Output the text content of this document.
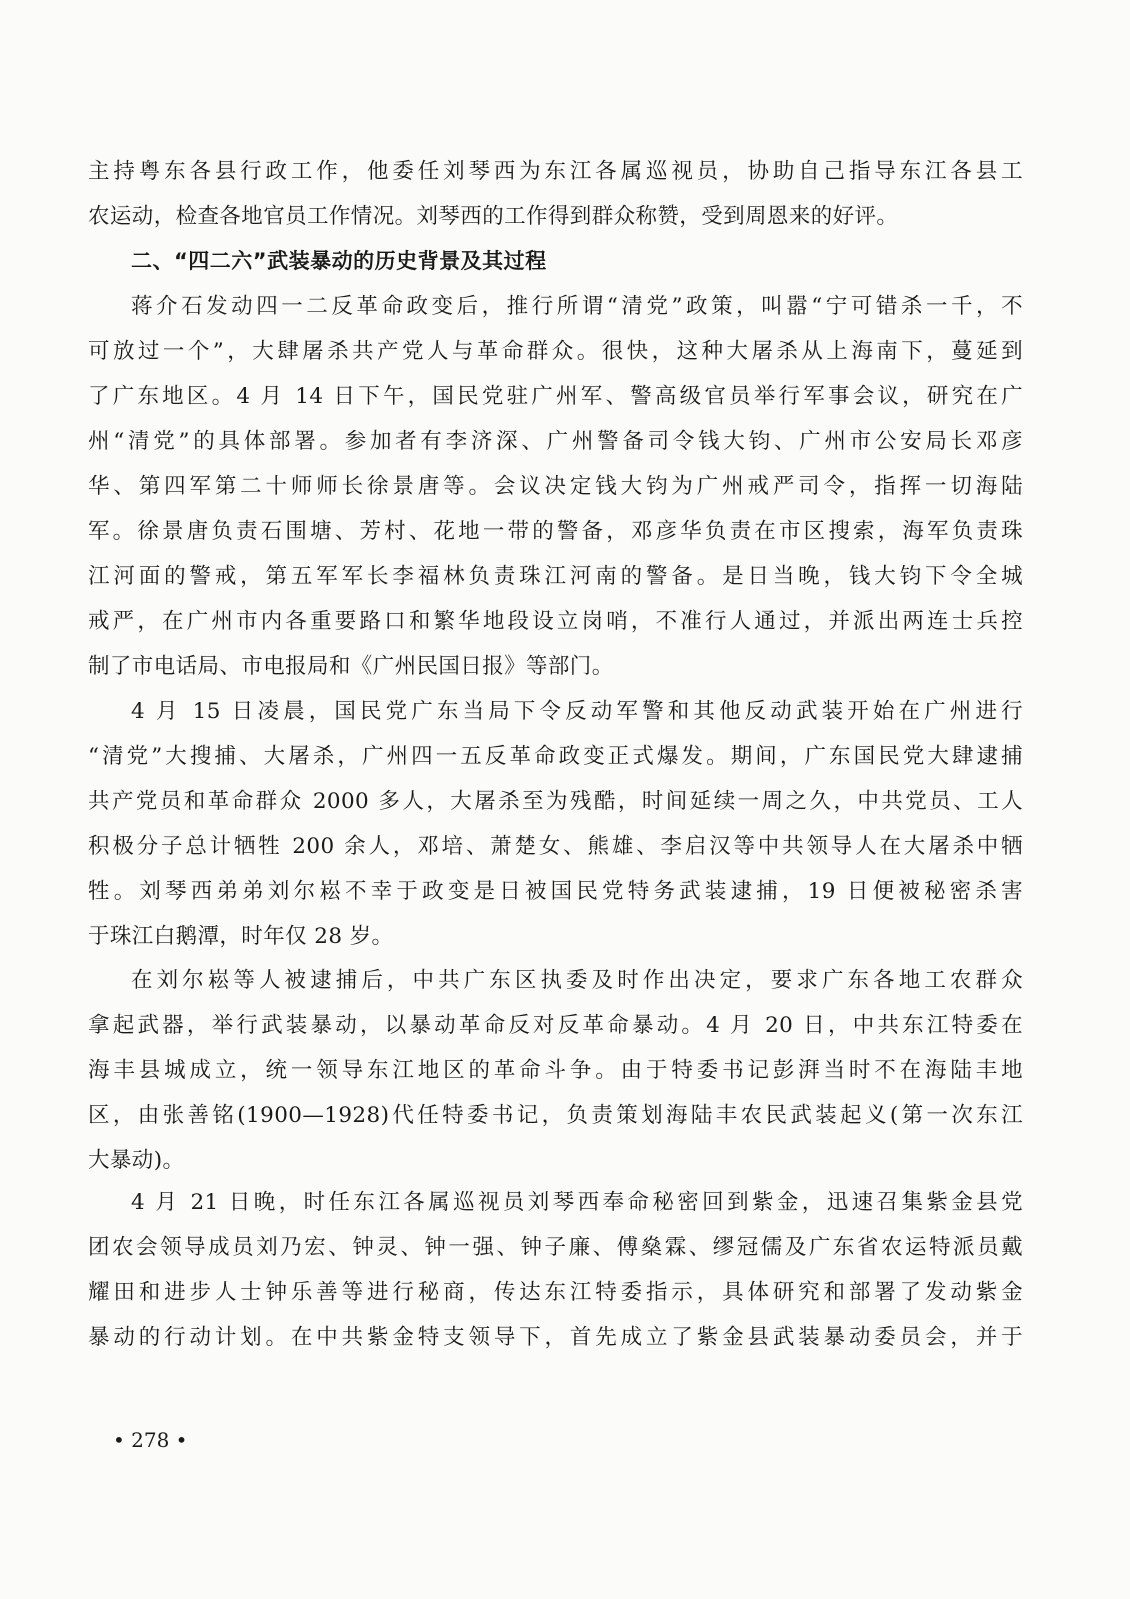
主持粤东各县行政工作，他委任刘琴西为东江各属巡视员，协助自己指导东江各县工
农运动，检查各地官员工作情况。刘琴西的工作得到群众称赞，受到周恩来的好评。
二、“四二六”武装暴动的历史背景及其过程
蒋介石发动四一二反革命政变后，推行所谓“清党”政策，叫嚣“宁可错杀一千，不
可放过一个”，大肆屠杀共产党人与革命群众。很快，这种大屠杀从上海南下，蔓延到
了广东地区。4 月 14 日下午，国民党驻广州军、警高级官员举行军事会议，研究在广
州“清党”的具体部署。参加者有李济深、广州警备司令钱大钧、广州市公安局长邓彦
华、第四军第二十师师长徐景唐等。会议决定钱大钧为广州戒严司令，指挥一切海陆
军。徐景唐负责石围塘、芳村、花地一带的警备，邓彦华负责在市区搜索，海军负责珠
江河面的警戒，第五军军长李福林负责珠江河南的警备。是日当晚，钱大钧下令全城
戒严，在广州市内各重要路口和繁华地段设立岗哨，不准行人通过，并派出两连士兵控
制了市电话局、市电报局和《广州民国日报》等部门。
4 月 15 日凌晨，国民党广东当局下令反动军警和其他反动武装开始在广州进行
“清党”大搜捕、大屠杀，广州四一五反革命政变正式爆发。期间，广东国民党大肆逮捕
共产党员和革命群众 2000 多人，大屠杀至为残酷，时间延续一周之久，中共党员、工人
积极分子总计牺牲 200 余人，邓培、萧楚女、熊雄、李启汉等中共领导人在大屠杀中牺
牲。刘琴西弟弟刘尔崧不幸于政变是日被国民党特务武装逮捕，19 日便被秘密杀害
于珠江白鹅潭，时年仅 28 岁。
在刘尔崧等人被逮捕后，中共广东区执委及时作出决定，要求广东各地工农群众
拿起武器，举行武装暴动，以暴动革命反对反革命暴动。4 月 20 日，中共东江特委在
海丰县城成立，统一领导东江地区的革命斗争。由于特委书记彭湃当时不在海陆丰地
区，由张善铭(1900—1928)代任特委书记，负责策划海陆丰农民武装起义(第一次东江
大暴动)。
4 月 21 日晚，时任东江各属巡视员刘琴西奉命秘密回到紫金，迅速召集紫金县党
团农会领导成员刘乃宏、钟灵、钟一强、钟子廉、傅燊霖、缪冠儒及广东省农运特派员戴
耀田和进步人士钟乐善等进行秘商，传达东江特委指示，具体研究和部署了发动紫金
暴动的行动计划。在中共紫金特支领导下，首先成立了紫金县武装暴动委员会，并于
• 278 •
